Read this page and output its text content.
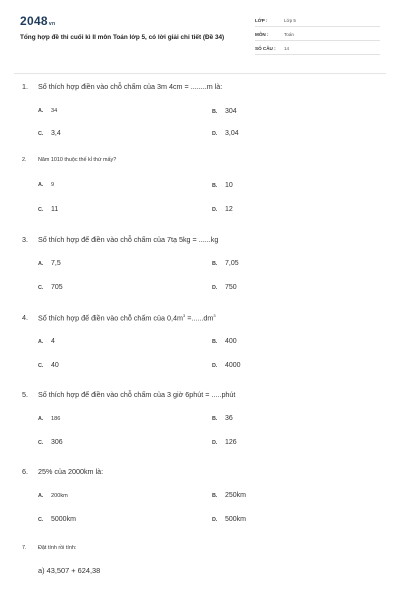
2048vn
Tổng hợp đề thi cuối kì II môn Toán lớp 5, có lời giải chi tiết (Đề 34)
LỚP :	Lớp 5
MÔN :	Toán
SỐ CÂU : 14
1. Số thích hợp điền vào chỗ chấm của 3m 4cm = ........m là:
A. 34	B. 304
C. 3,4	D. 3,04
2. Năm 1010 thuộc thế kỉ thứ mấy?
A. 9	B. 10
C. 11	D. 12
3. Số thích hợp để điền vào chỗ chấm của 7tạ 5kg = ......kg
A. 7,5	B. 7,05
C. 705	D. 750
4. Số thích hợp để điền vào chỗ chấm của $0,4m^3 =......dm^3$
A. 4	B. 400
C. 40	D. 4000
5. Số thích hợp để điền vào chỗ chấm của 3 giờ 6phút = .....phút
A. 186	B. 36
C. 306	D. 126
6. 25% của 2000km là:
A. 200km	B. 250km
C. 5000km	D. 500km
7. Đặt tính rồi tính:
a) 43,507 + 624,38
